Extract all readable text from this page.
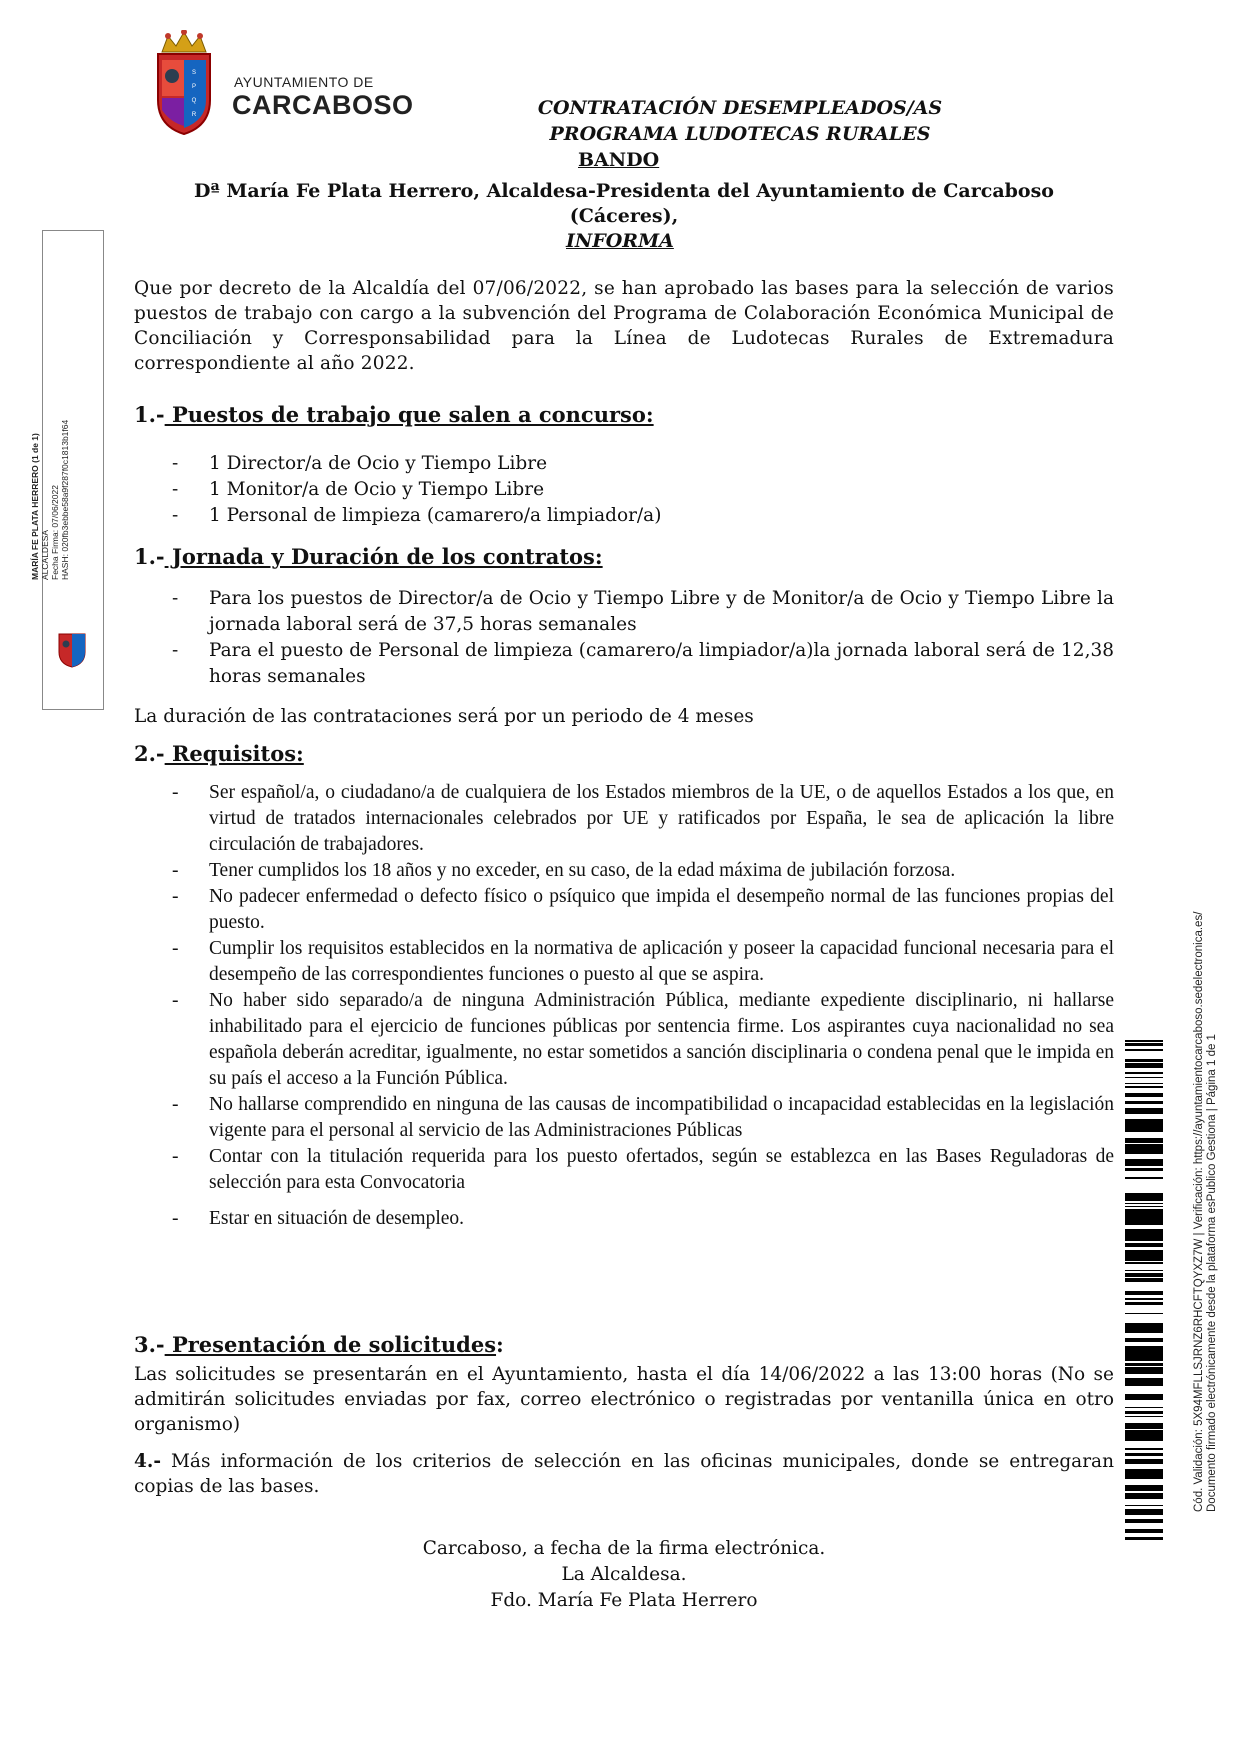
S
P
Q
R
AYUNTAMIENTO DE
CARCABOSO	CONTRATACIÓN DESEMPLEADOS/AS
PROGRAMA LUDOTECAS RURALES
BANDO
Dª María Fe Plata Herrero, Alcaldesa-Presidenta del Ayuntamiento de Carcaboso
(Cáceres),
INFORMA
Que por decreto de la Alcaldía del 07/06/2022, se han aprobado las bases para la selección de varios puestos de trabajo con cargo a la subvención del Programa de Colaboración Económica Municipal de Conciliación y Corresponsabilidad para la Línea de Ludotecas Rurales de Extremadura correspondiente al año 2022.
1.- Puestos de trabajo que salen a concurso:
- 1 Director/a de Ocio y Tiempo Libre
- 1 Monitor/a de Ocio y Tiempo Libre
- 1 Personal de limpieza (camarero/a limpiador/a)
1.- Jornada y Duración de los contratos:
- Para los puestos de Director/a de Ocio y Tiempo Libre y de Monitor/a de Ocio y Tiempo Libre la jornada laboral será de 37,5 horas semanales
- Para el puesto de Personal de limpieza (camarero/a limpiador/a)la jornada laboral será de 12,38 horas semanales
La duración de las contrataciones será por un periodo de 4 meses
2.- Requisitos:
- Ser español/a, o ciudadano/a de cualquiera de los Estados miembros de la UE, o de aquellos Estados a los que, en virtud de tratados internacionales celebrados por UE y ratificados por España, le sea de aplicación la libre circulación de trabajadores.
- Tener cumplidos los 18 años y no exceder, en su caso, de la edad máxima de jubilación forzosa.
- No padecer enfermedad o defecto físico o psíquico que impida el desempeño normal de las funciones propias del puesto.
- Cumplir los requisitos establecidos en la normativa de aplicación y poseer la capacidad funcional necesaria para el desempeño de las correspondientes funciones o puesto al que se aspira.
- No haber sido separado/a de ninguna Administración Pública, mediante expediente disciplinario, ni hallarse inhabilitado para el ejercicio de funciones públicas por sentencia firme. Los aspirantes cuya nacionalidad no sea española deberán acreditar, igualmente, no estar sometidos a sanción disciplinaria o condena penal que le impida en su país el acceso a la Función Pública.
- No hallarse comprendido en ninguna de las causas de incompatibilidad o incapacidad establecidas en la legislación vigente para el personal al servicio de las Administraciones Públicas
- Contar con la titulación requerida para los puesto ofertados, según se establezca en las Bases Reguladoras de selección para esta Convocatoria
- Estar en situación de desempleo.
3.- Presentación de solicitudes:
Las solicitudes se presentarán en el Ayuntamiento, hasta el día 14/06/2022 a las 13:00 horas (No se admitirán solicitudes enviadas por fax, correo electrónico o registradas por ventanilla única en otro organismo)
4.- Más información de los criterios de selección en las oficinas municipales, donde se entregaran copias de las bases.
Carcaboso, a fecha de la firma electrónica.
La Alcaldesa.
Fdo. María Fe Plata Herrero
MARÍA FE PLATA HERRERO (1 de 1) ALCALDESA Fecha Firma: 07/06/2022 HASH: 020fb3ebbe58a9f287f0c1813b1f64
Cód. Validación: 5X94MFLLSJRNZ6RHCFTQYXZ7W | Verificación: https://ayuntamientocarcaboso.sedelectronica.es/ Documento firmado electrónicamente desde la plataforma esPublico Gestiona | Página 1 de 1
